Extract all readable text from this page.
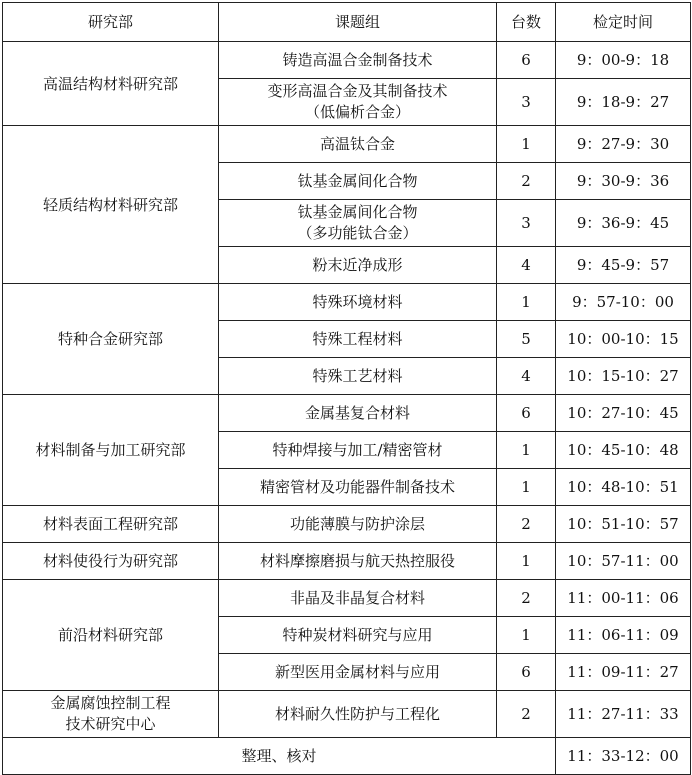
研究部	课题组	台数	检定时间

高温结构材料研究部	铸造高温合金制备技术	6	9：00-9：18

	变形高温合金及其制备技术
（低偏析合金）	3	9：18-9：27

轻质结构材料研究部	高温钛合金	1	9：27-9：30

	钛基金属间化合物	2	9：30-9：36

	钛基金属间化合物
（多功能钛合金）	3	9：36-9：45

	粉末近净成形	4	9：45-9：57

特种合金研究部	特殊环境材料	1	9：57-10：00

	特殊工程材料	5	10：00-10：15

	特殊工艺材料	4	10：15-10：27

材料制备与加工研究部	金属基复合材料	6	10：27-10：45

	特种焊接与加工/精密管材	1	10：45-10：48

	精密管材及功能器件制备技术	1	10：48-10：51

材料表面工程研究部	功能薄膜与防护涂层	2	10：51-10：57

材料使役行为研究部	材料摩擦磨损与航天热控服役	1	10：57-11：00

前沿材料研究部	非晶及非晶复合材料	2	11：00-11：06

	特种炭材料研究与应用	1	11：06-11：09

	新型医用金属材料与应用	6	11：09-11：27

金属腐蚀控制工程
技术研究中心	材料耐久性防护与工程化	2	11：27-11：33
整理、核对			11：33-12：00
